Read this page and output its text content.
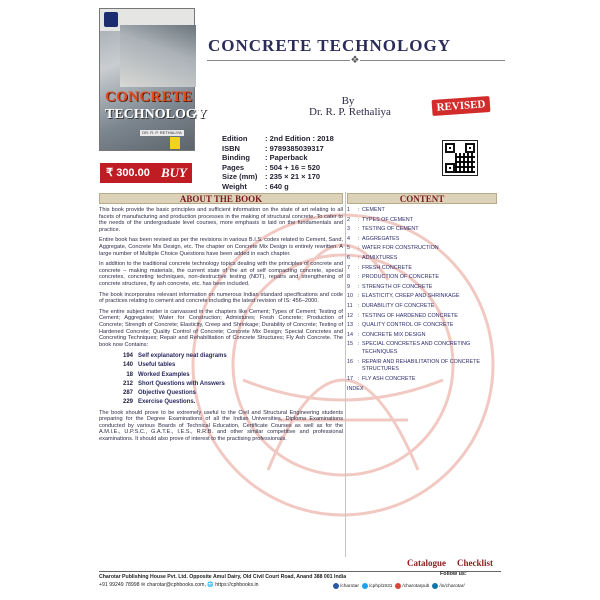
CONCRETE
TECHNOLOGY
DR. R. P. RETHALIYA
₹ 300.00 BUY
CONCRETE TECHNOLOGY
❖
By
Dr. R. P. Rethaliya	REVISED
Edition	: 2nd Edition : 2018
ISBN	: 9789385039317
Binding	: Paperback
Pages	: 504 + 16 = 520
Size (mm)	: 235 × 21 × 170
Weight	: 640 g
ABOUT THE BOOK	CONTENT

This book provide the basic principles and sufficient information on the state of art relating to all facets of manufacturing and production processes in the making of structural concrete. To cater to the needs of the undergraduate level courses, more emphasis is laid on the fundamentals and practice.

Entire book has been revised as per the revisions in various B.I.S. codes related to Cement, Sand, Aggregate, Concrete Mix Design, etc. The chapter on Concrete Mix Design is entirely rewritten. A large number of Multiple Choice Questions have been added in each chapter.

In addition to the traditional concrete technology topics dealing with the principles of concrete and concrete – making materials, the current state of the art of self compacting concrete, special concretes, concreting techniques, non-destructive testing (NDT), repairs and strengthening of concrete structures, fly ash concrete, etc. has been included.

The book incorporates relevant information on numerous Indian standard specifications and code of practices relating to cement and concrete including the latest revision of IS: 456–2000.

The entire subject matter is canvassed in the chapters like Cement; Types of Cement; Testing of Cement; Aggregates; Water for Construction; Admixtures; Fresh Concrete; Production of Concrete; Strength of Concrete; Elasticity, Creep and Shrinkage; Durability of Concrete; Testing of Hardened Concrete; Quality Control of Concrete; Concrete Mix Design; Special Concretes and Concreting Techniques; Repair and Rehabilitation of Concrete Structures; Fly Ash Concrete. The book now Contains:

194 Self explanatory neat diagrams
140 Useful tables
18 Worked Examples
212 Short Questions with Answers
287 Objective Questions
229 Exercise Questions.

The book should prove to be extremely useful to the Civil and Structural Engineering students preparing for the Degree Examinations of all the Indian Universities, Diploma Examinations conducted by various Boards of Technical Education, Certificate Courses as well as for the A.M.I.E., U.P.S.C., G.A.T.E., I.E.S., R.R.B. and other similar competitive and professional examinations. It should also prove of interest to the practising professionals.

1	: CEMENT
2	: TYPES OF CEMENT
3	: TESTING OF CEMENT
4	: AGGREGATES
5	: WATER FOR CONSTRUCTION
6	: ADMIXTURES
7	: FRESH CONCRETE
8	: PRODUCTION OF CONCRETE
9	: STRENGTH OF CONCRETE
10 : ELASTICITY, CREEP AND SHRINKAGE
11 : DURABILITY OF CONCRETE
12 : TESTING OF HARDENED CONCRETE
13 : QUALITY CONTROL OF CONCRETE
14 : CONCRETE MIX DESIGN
15 : SPECIAL CONCRETES AND CONCRETING TECHNIQUES
16 : REPAIR AND REHABILITATION OF CONCRETE STRUCTURES
17 : FLY ASH CONCRETE
INDEX
Catalogue Checklist
Charotar Publishing House Pvt. Ltd. Opposite Amul Dairy, Old Civil Court Road, Anand 388 001 India
+91 99249 78998 ✉ charotar@cphbooks.com, 🌐 https://cphbooks.in
Follow us:
/charotar /cphpl1931 /charotarpub /in/charotar/
